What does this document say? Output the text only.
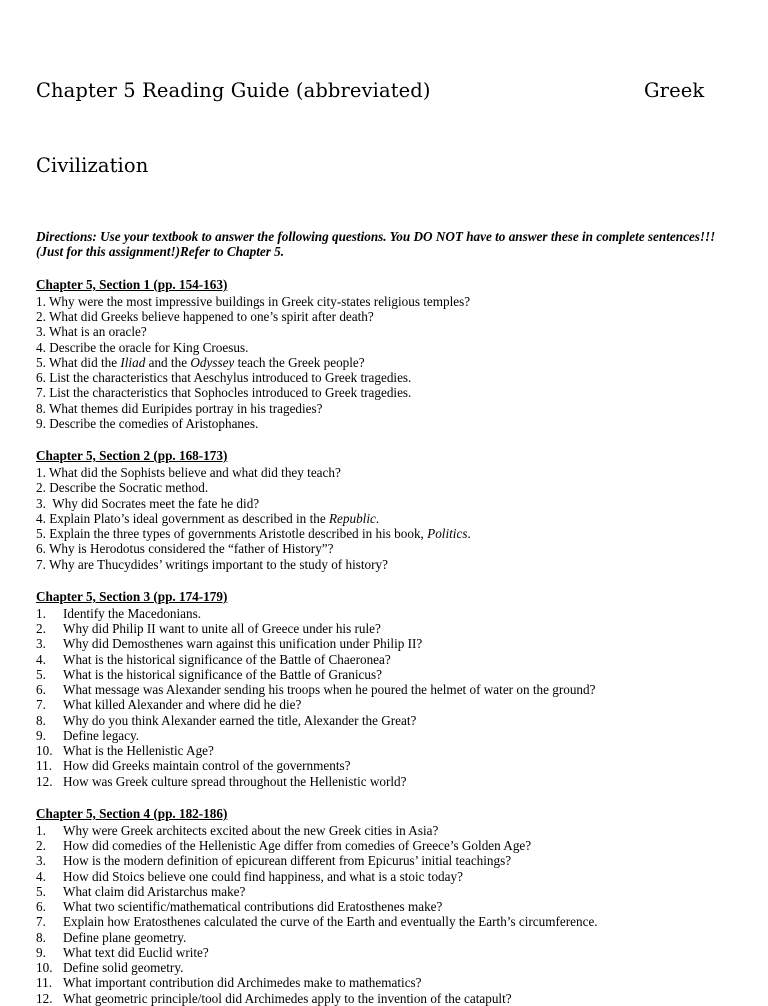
Chapter 5 Reading Guide (abbreviated)	Greek

Civilization

Directions: Use your textbook to answer the following questions. You DO NOT have to answer these in complete sentences!!! (Just for this assignment!)Refer to Chapter 5.

Chapter 5, Section 1 (pp. 154-163)
1. Why were the most impressive buildings in Greek city-states religious temples?
2. What did Greeks believe happened to one’s spirit after death?
3. What is an oracle?
4. Describe the oracle for King Croesus.
5. What did the Iliad and the Odyssey teach the Greek people?
6. List the characteristics that Aeschylus introduced to Greek tragedies.
7. List the characteristics that Sophocles introduced to Greek tragedies.
8. What themes did Euripides portray in his tragedies?
9. Describe the comedies of Aristophanes.
Chapter 5, Section 2 (pp. 168-173)
1. What did the Sophists believe and what did they teach?
2. Describe the Socratic method.
3.  Why did Socrates meet the fate he did?
4. Explain Plato’s ideal government as described in the Republic.
5. Explain the three types of governments Aristotle described in his book, Politics.
6. Why is Herodotus considered the “father of History”?
7. Why are Thucydides’ writings important to the study of history?
Chapter 5, Section 3 (pp. 174-179)
1.	Identify the Macedonians.
2.	Why did Philip II want to unite all of Greece under his rule?
3.	Why did Demosthenes warn against this unification under Philip II?
4.	What is the historical significance of the Battle of Chaeronea?
5.	What is the historical significance of the Battle of Granicus?
6.	What message was Alexander sending his troops when he poured the helmet of water on the ground?
7.	What killed Alexander and where did he die?
8.	Why do you think Alexander earned the title, Alexander the Great?
9.	Define legacy.
10. What is the Hellenistic Age?
11. How did Greeks maintain control of the governments?
12. How was Greek culture spread throughout the Hellenistic world?
Chapter 5, Section 4 (pp. 182-186)
1.	Why were Greek architects excited about the new Greek cities in Asia?
2.	How did comedies of the Hellenistic Age differ from comedies of Greece’s Golden Age?
3.	How is the modern definition of epicurean different from Epicurus’ initial teachings?
4.	How did Stoics believe one could find happiness, and what is a stoic today?
5.	What claim did Aristarchus make?
6.	What two scientific/mathematical contributions did Eratosthenes make?
7.	Explain how Eratosthenes calculated the curve of the Earth and eventually the Earth’s circumference.
8.	Define plane geometry.
9.	What text did Euclid write?
10. Define solid geometry.
11. What important contribution did Archimedes make to mathematics?
12. What geometric principle/tool did Archimedes apply to the invention of the catapult?
